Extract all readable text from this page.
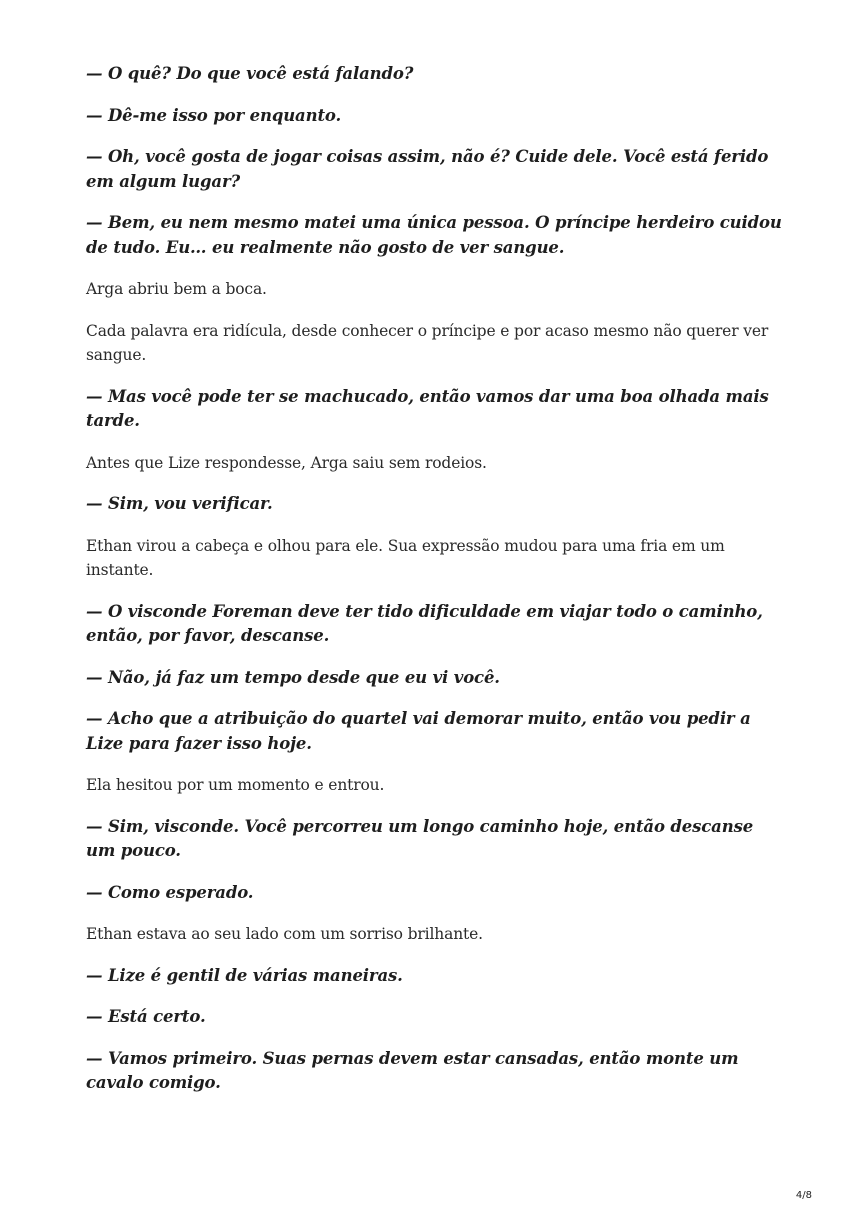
— O quê? Do que você está falando?

— Dê-me isso por enquanto.

— Oh, você gosta de jogar coisas assim, não é? Cuide dele. Você está ferido em algum lugar?

— Bem, eu nem mesmo matei uma única pessoa. O príncipe herdeiro cuidou de tudo. Eu… eu realmente não gosto de ver sangue.

Arga abriu bem a boca.

Cada palavra era ridícula, desde conhecer o príncipe e por acaso mesmo não querer ver sangue.

— Mas você pode ter se machucado, então vamos dar uma boa olhada mais tarde.

Antes que Lize respondesse, Arga saiu sem rodeios.

— Sim, vou verificar.

Ethan virou a cabeça e olhou para ele. Sua expressão mudou para uma fria em um instante.

— O visconde Foreman deve ter tido dificuldade em viajar todo o caminho, então, por favor, descanse.

— Não, já faz um tempo desde que eu vi você.

— Acho que a atribuição do quartel vai demorar muito, então vou pedir a Lize para fazer isso hoje.

Ela hesitou por um momento e entrou.

— Sim, visconde. Você percorreu um longo caminho hoje, então descanse um pouco.

— Como esperado.

Ethan estava ao seu lado com um sorriso brilhante.

— Lize é gentil de várias maneiras.

— Está certo.

— Vamos primeiro. Suas pernas devem estar cansadas, então monte um cavalo comigo.

4/8
